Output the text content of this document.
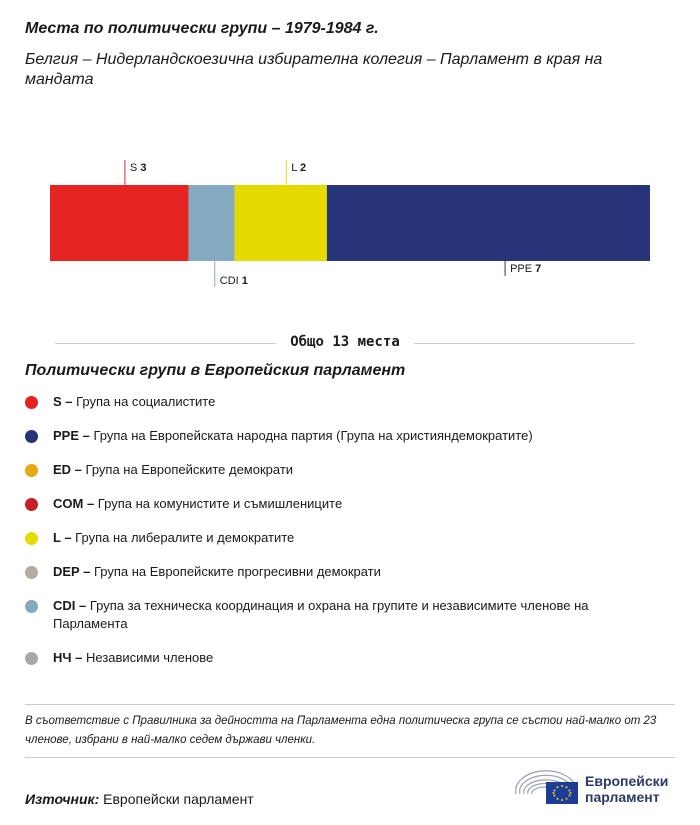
Места по политически групи – 1979-1984 г.
Белгия – Нидерландскоезична избирателна колегия – Парламент в края на мандата
S 3
CDI 1
L 2
PPE 7
Общо 13 места
Политически групи в Европейския парламент
S – Група на социалистите
PPE – Група на Европейската народна партия (Група на християндемократите)
ED – Група на Европейските демократи
COM – Група на комунистите и съмишлениците
L – Група на либералите и демократите
DEP – Група на Европейските прогресивни демократи
CDI – Група за техническа координация и охрана на групите и независимите членове на Парламента
НЧ – Независими членове
В съответствие с Правилника за дейността на Парламента една политическа група се състои най-малко от 23 членове, избрани в най-малко седем държави членки.
Източник: Европейски парламент
Европейски
парламент
